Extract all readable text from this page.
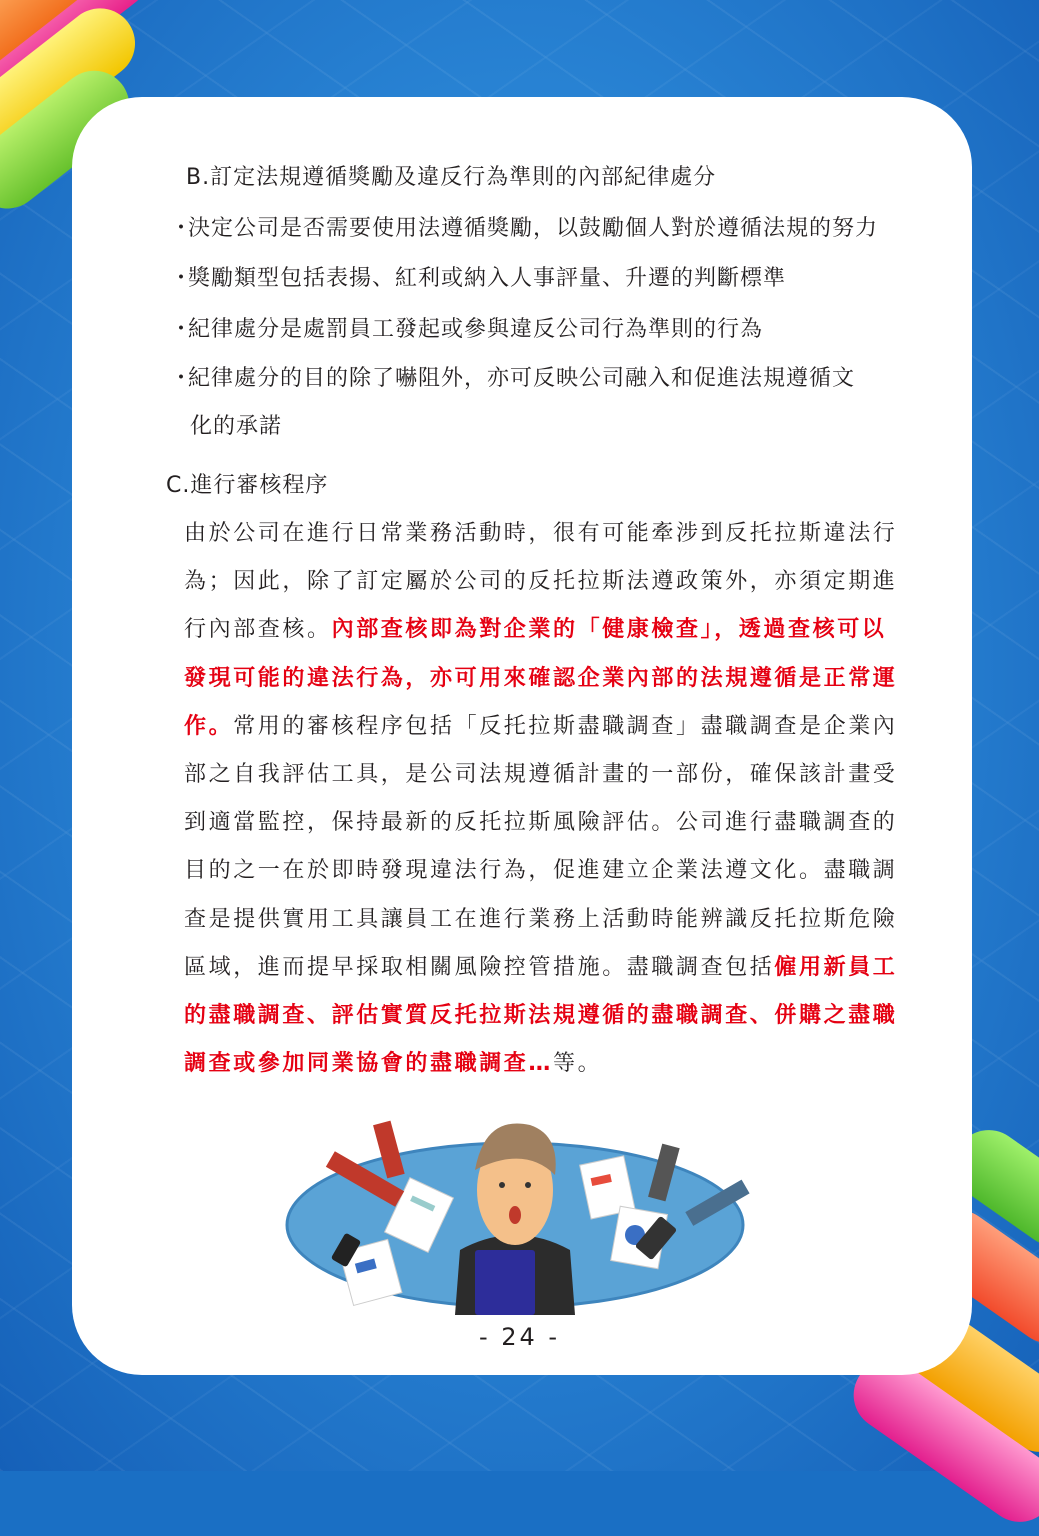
B.訂定法規遵循獎勵及違反行為準則的內部紀律處分
・決定公司是否需要使用法遵循獎勵，以鼓勵個人對於遵循法規的努力
・獎勵類型包括表揚、紅利或納入人事評量、升遷的判斷標準
・紀律處分是處罰員工發起或參與違反公司行為準則的行為
・紀律處分的目的除了嚇阻外，亦可反映公司融入和促進法規遵循文
化的承諾
C.進行審核程序
由於公司在進行日常業務活動時，很有可能牽涉到反托拉斯違法行
為；因此，除了訂定屬於公司的反托拉斯法遵政策外，亦須定期進
行內部查核。內部查核即為對企業的「健康檢查」，透過查核可以
發現可能的違法行為，亦可用來確認企業內部的法規遵循是正常運
作。常用的審核程序包括「反托拉斯盡職調查」盡職調查是企業內
部之自我評估工具，是公司法規遵循計畫的一部份，確保該計畫受
到適當監控，保持最新的反托拉斯風險評估。公司進行盡職調查的
目的之一在於即時發現違法行為，促進建立企業法遵文化。盡職調
查是提供實用工具讓員工在進行業務上活動時能辨識反托拉斯危險
區域，進而提早採取相關風險控管措施。盡職調查包括僱用新員工
的盡職調查、評估實質反托拉斯法規遵循的盡職調查、併購之盡職
調查或參加同業協會的盡職調查…等。
- 24 -
